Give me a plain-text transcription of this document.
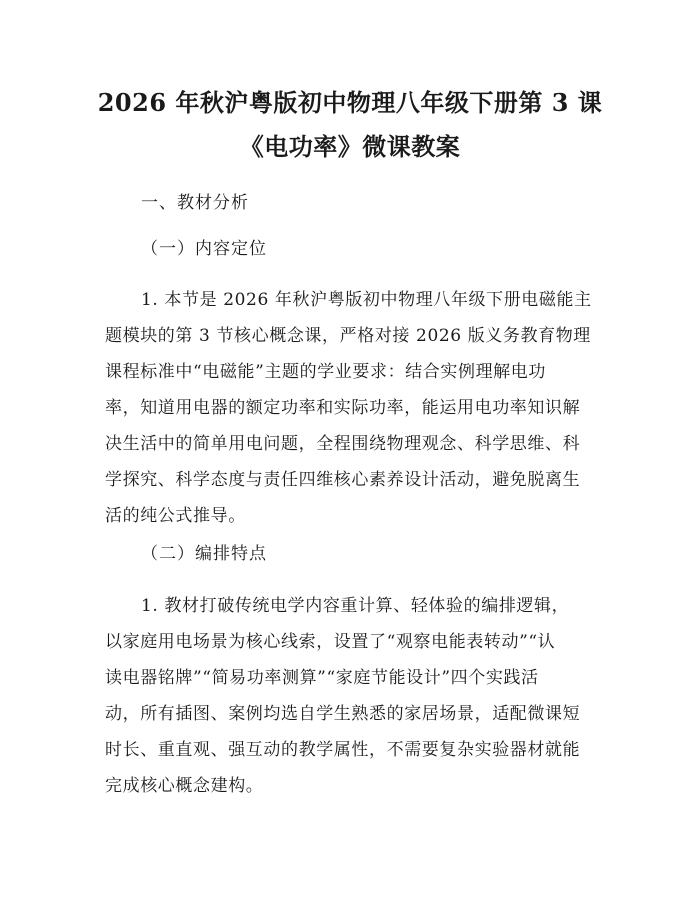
2026 年秋沪粤版初中物理八年级下册第 3 课
《电功率》微课教案
一、教材分析
（一）内容定位
1. 本节是 2026 年秋沪粤版初中物理八年级下册电磁能主
题模块的第 3 节核心概念课，严格对接 2026 版义务教育物理
课程标准中“电磁能”主题的学业要求：结合实例理解电功
率，知道用电器的额定功率和实际功率，能运用电功率知识解
决生活中的简单用电问题，全程围绕物理观念、科学思维、科
学探究、科学态度与责任四维核心素养设计活动，避免脱离生
活的纯公式推导。
（二）编排特点
1. 教材打破传统电学内容重计算、轻体验的编排逻辑，
以家庭用电场景为核心线索，设置了“观察电能表转动”“认
读电器铭牌”“简易功率测算”“家庭节能设计”四个实践活
动，所有插图、案例均选自学生熟悉的家居场景，适配微课短
时长、重直观、强互动的教学属性，不需要复杂实验器材就能
完成核心概念建构。
